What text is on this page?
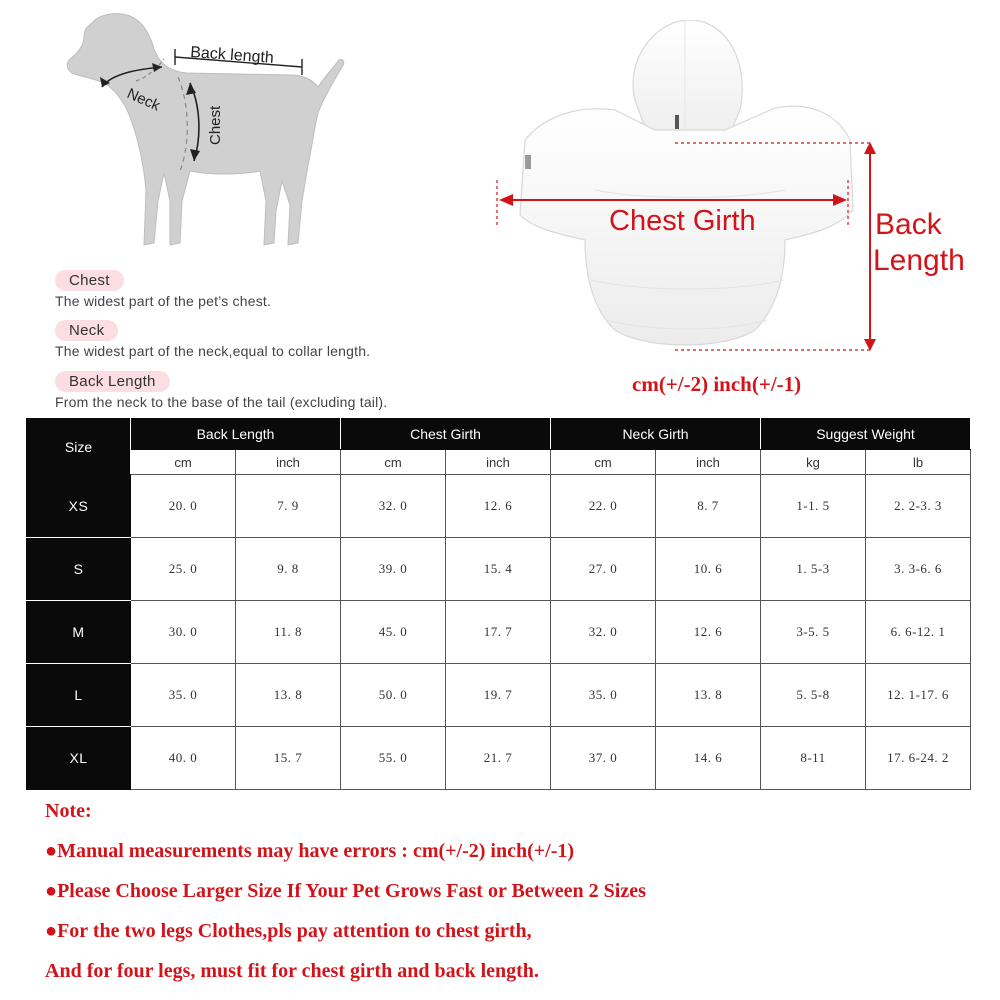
Back length
Neck
Chest
Chest
The widest part of the pet’s chest.
Neck
The widest part of the neck,equal to collar length.
Back Length
From the neck to the base of the tail (excluding tail).
Chest Girth	Back
Length
cm(+/-2) inch(+/-1)
Size	Back Length		Chest Girth		Neck Girth		Suggest Weight	
	cm	inch	cm	inch	cm	inch	kg	lb
XS	20. 0	7. 9	32. 0	12. 6	22. 0	8. 7	1-1. 5	2. 2-3. 3
S	25. 0	9. 8	39. 0	15. 4	27. 0	10. 6	1. 5-3	3. 3-6. 6
M	30. 0	11. 8	45. 0	17. 7	32. 0	12. 6	3-5. 5	6. 6-12. 1
L	35. 0	13. 8	50. 0	19. 7	35. 0	13. 8	5. 5-8	12. 1-17. 6
XL	40. 0	15. 7	55. 0	21. 7	37. 0	14. 6	8-11	17. 6-24. 2
Note:
●Manual measurements may have errors : cm(+/-2) inch(+/-1)
●Please Choose Larger Size If Your Pet Grows Fast or Between 2 Sizes
●For the two legs Clothes,pls pay attention to chest girth,
And for four legs, must fit for chest girth and back length.
